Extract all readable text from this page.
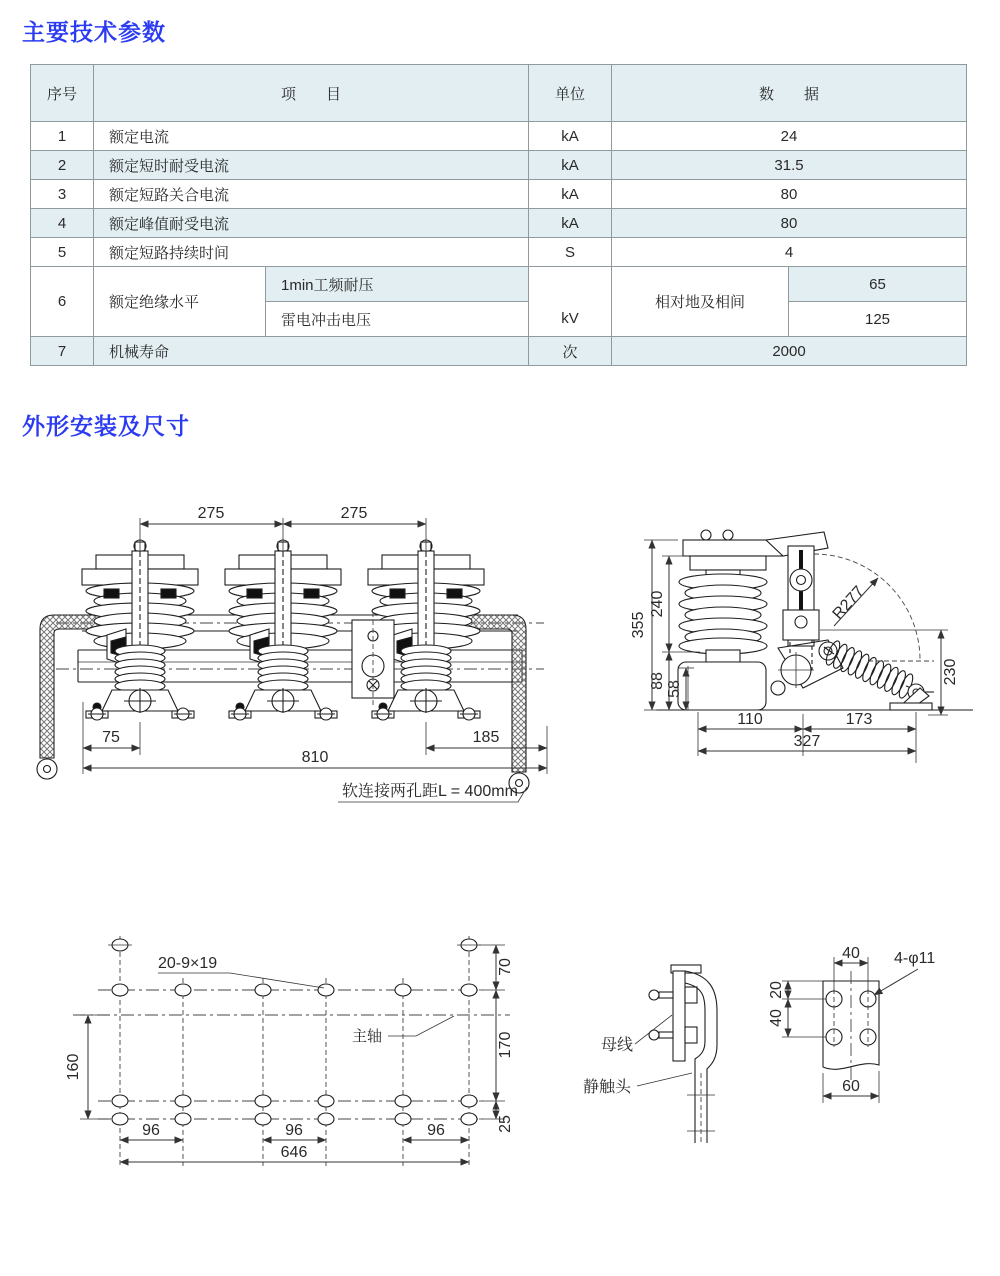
主要技术参数
序号	项　　目		单位	数　　据	
1	额定电流		kA	24	
2	额定短时耐受电流		kA	31.5	
3	额定短路关合电流		kA	80	
4	额定峰值耐受电流		kA	80	
5	额定短路持续时间		S	4	
6	额定绝缘水平	1min工频耐压	kV	相对地及相间	65
		雷电冲击电压			125
7	机械寿命		次	2000	
外形安装及尺寸
275	275
75	185
810
软连接两孔距L = 400mm
R277
355
240
88 58
230
110	173
327
20-9×19
主轴
70
170
25
160
96	96	96
646
母线
静触头
40
20
40
4-φ11
60
